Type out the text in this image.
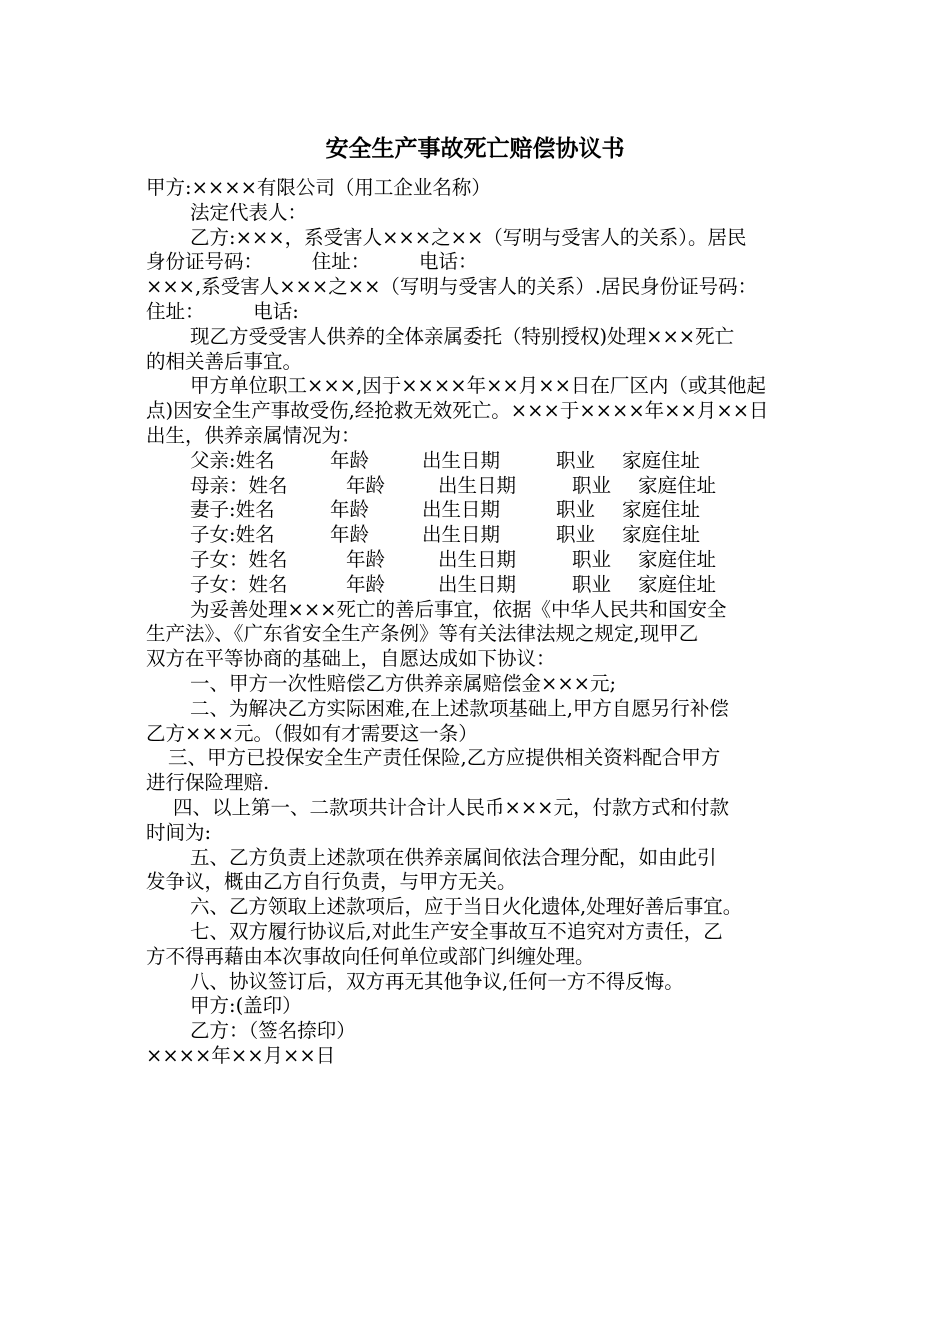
安全生产事故死亡赔偿协议书

甲方:××××有限公司（用工企业名称）

法定代表人：

乙方:×××，系受害人×××之××（写明与受害人的关系）。居民

身份证号码：　　　住址：　　　电话：

×××,系受害人×××之××（写明与受害人的关系）.居民身份证号码：

住址：　　　电话:

现乙方受受害人供养的全体亲属委托（特别授权)处理×××死亡

的相关善后事宜。

甲方单位职工×××,因于××××年××月××日在厂区内（或其他起

点)因安全生产事故受伤,经抢救无效死亡。×××于××××年××月××日

出生，供养亲属情况为：

父亲:姓名	年龄	出生日期	职业	家庭住址

母亲：姓名	年龄	出生日期	职业	家庭住址

妻子:姓名	年龄	出生日期	职业	家庭住址

子女:姓名	年龄	出生日期	职业	家庭住址

子女：姓名	年龄	出生日期	职业	家庭住址

子女：姓名	年龄	出生日期	职业	家庭住址

为妥善处理×××死亡的善后事宜，依据《中华人民共和国安全

生产法》、《广东省安全生产条例》等有关法律法规之规定,现甲乙

双方在平等协商的基础上，自愿达成如下协议：

一、甲方一次性赔偿乙方供养亲属赔偿金×××元;

二、为解决乙方实际困难,在上述款项基础上,甲方自愿另行补偿

乙方×××元。（假如有才需要这一条）

三、甲方已投保安全生产责任保险,乙方应提供相关资料配合甲方

进行保险理赔.

四、以上第一、二款项共计合计人民币×××元，付款方式和付款

时间为:

五、乙方负责上述款项在供养亲属间依法合理分配，如由此引

发争议，概由乙方自行负责，与甲方无关。

六、乙方领取上述款项后，应于当日火化遗体,处理好善后事宜。

七、双方履行协议后,对此生产安全事故互不追究对方责任，乙

方不得再藉由本次事故向任何单位或部门纠缠处理。

八、协议签订后，双方再无其他争议,任何一方不得反悔。

甲方:(盖印）

乙方：（签名捺印）

××××年××月××日
